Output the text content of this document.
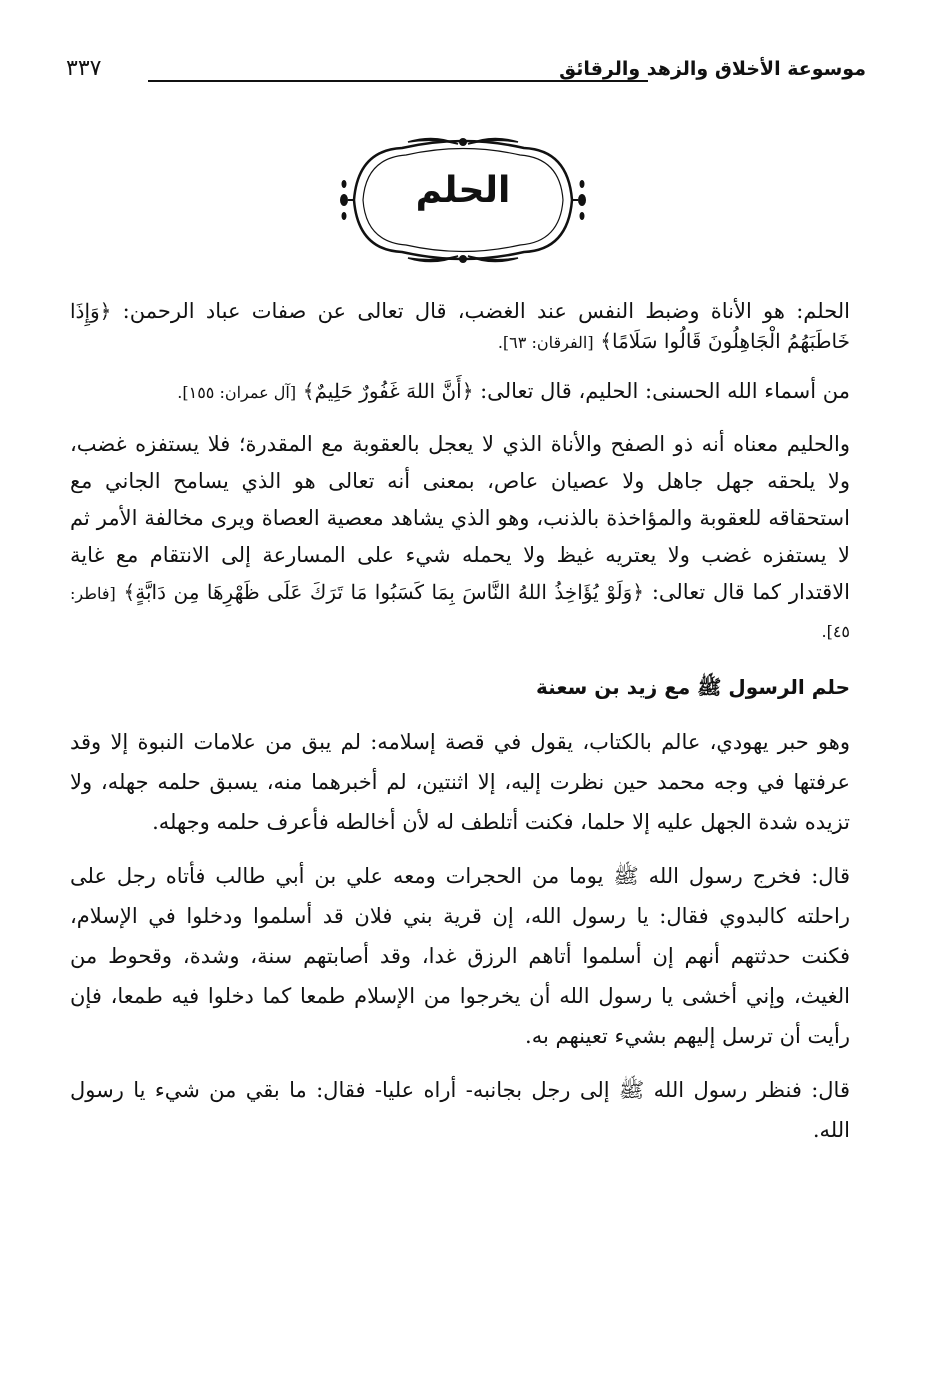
موسوعة الأخلاق والزهد والرقائق
٣٣٧
الحلم

الحلم: هو الأناة وضبط النفس عند الغضب، قال تعالى عن صفات عباد الرحمن: ﴿وَإِذَا خَاطَبَهُمُ الْجَاهِلُونَ قَالُوا سَلَامًا﴾ [الفرقان: ٦٣].

من أسماء الله الحسنى: الحليم، قال تعالى: ﴿أَنَّ اللهَ غَفُورٌ حَلِيمٌ﴾ [آل عمران: ١٥٥].

والحليم معناه أنه ذو الصفح والأناة الذي لا يعجل بالعقوبة مع المقدرة؛ فلا يستفزه غضب، ولا يلحقه جهل جاهل ولا عصيان عاص، بمعنى أنه تعالى هو الذي يسامح الجاني مع استحقاقه للعقوبة والمؤاخذة بالذنب، وهو الذي يشاهد معصية العصاة ويرى مخالفة الأمر ثم لا يستفزه غضب ولا يعتريه غيظ ولا يحمله شيء على المسارعة إلى الانتقام مع غاية الاقتدار كما قال تعالى: ﴿وَلَوْ يُؤَاخِذُ اللهُ النَّاسَ بِمَا كَسَبُوا مَا تَرَكَ عَلَى ظَهْرِهَا مِن دَابَّةٍ﴾ [فاطر: ٤٥].

حلم الرسول ﷺ مع زيد بن سعنة

وهو حبر يهودي، عالم بالكتاب، يقول في قصة إسلامه: لم يبق من علامات النبوة إلا وقد عرفتها في وجه محمد حين نظرت إليه، إلا اثنتين، لم أخبرهما منه، يسبق حلمه جهله، ولا تزيده شدة الجهل عليه إلا حلما، فكنت أتلطف له لأن أخالطه فأعرف حلمه وجهله.

قال: فخرج رسول الله ﷺ يوما من الحجرات ومعه علي بن أبي طالب فأتاه رجل على راحلته كالبدوي فقال: يا رسول الله، إن قرية بني فلان قد أسلموا ودخلوا في الإسلام، فكنت حدثتهم أنهم إن أسلموا أتاهم الرزق غدا، وقد أصابتهم سنة، وشدة، وقحوط من الغيث، وإني أخشى يا رسول الله أن يخرجوا من الإسلام طمعا كما دخلوا فيه طمعا، فإن رأيت أن ترسل إليهم بشيء تعينهم به.

قال: فنظر رسول الله ﷺ إلى رجل بجانبه- أراه عليا- فقال: ما بقي من شيء يا رسول الله.
